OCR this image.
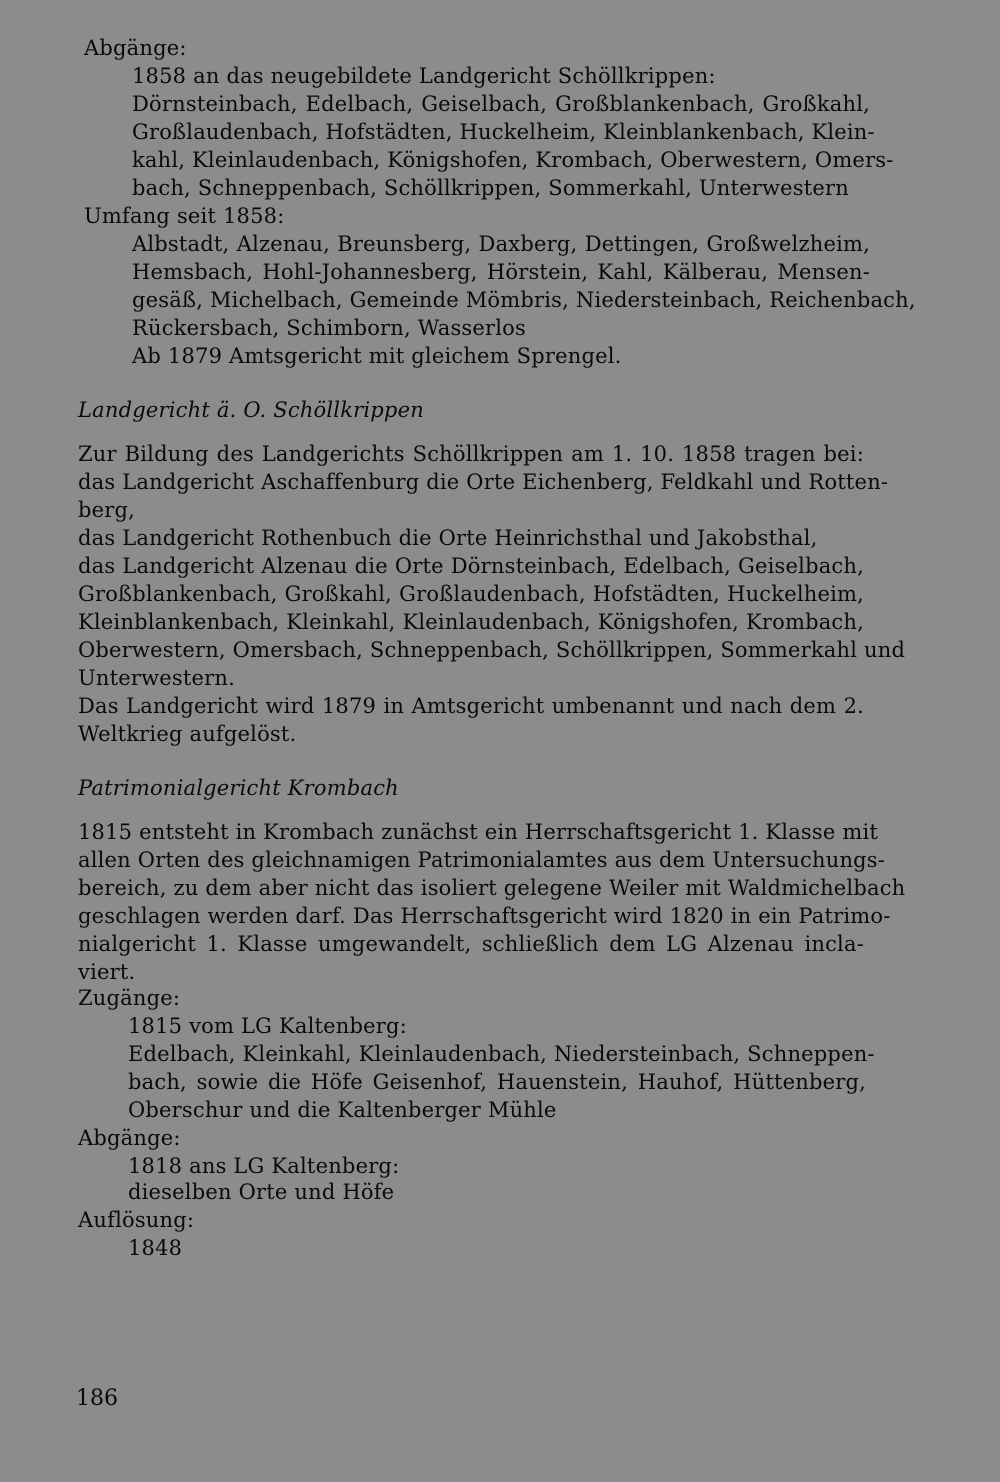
Abgänge:
1858 an das neugebildete Landgericht Schöllkrippen:
Dörnsteinbach, Edelbach, Geiselbach, Großblankenbach, Großkahl,
Großlaudenbach, Hofstädten, Huckelheim, Kleinblankenbach, Klein-
kahl, Kleinlaudenbach, Königshofen, Krombach, Oberwestern, Omers-
bach, Schneppenbach, Schöllkrippen, Sommerkahl, Unterwestern
Umfang seit 1858:
Albstadt, Alzenau, Breunsberg, Daxberg, Dettingen, Großwelzheim,
Hemsbach, Hohl-Johannesberg, Hörstein, Kahl, Kälberau, Mensen-
gesäß, Michelbach, Gemeinde Mömbris, Niedersteinbach, Reichenbach,
Rückersbach, Schimborn, Wasserlos
Ab 1879 Amtsgericht mit gleichem Sprengel.
Landgericht ä. O. Schöllkrippen
Zur Bildung des Landgerichts Schöllkrippen am 1. 10. 1858 tragen bei:
das Landgericht Aschaffenburg die Orte Eichenberg, Feldkahl und Rotten-
berg,
das Landgericht Rothenbuch die Orte Heinrichsthal und Jakobsthal,
das Landgericht Alzenau die Orte Dörnsteinbach, Edelbach, Geiselbach,
Großblankenbach, Großkahl, Großlaudenbach, Hofstädten, Huckelheim,
Kleinblankenbach, Kleinkahl, Kleinlaudenbach, Königshofen, Krombach,
Oberwestern, Omersbach, Schneppenbach, Schöllkrippen, Sommerkahl und
Unterwestern.
Das Landgericht wird 1879 in Amtsgericht umbenannt und nach dem 2.
Weltkrieg aufgelöst.
Patrimonialgericht Krombach
1815 entsteht in Krombach zunächst ein Herrschaftsgericht 1. Klasse mit
allen Orten des gleichnamigen Patrimonialamtes aus dem Untersuchungs-
bereich, zu dem aber nicht das isoliert gelegene Weiler mit Waldmichelbach
geschlagen werden darf. Das Herrschaftsgericht wird 1820 in ein Patrimo-
nialgericht 1. Klasse umgewandelt, schließlich dem LG Alzenau incla-
viert.
Zugänge:
1815 vom LG Kaltenberg:
Edelbach, Kleinkahl, Kleinlaudenbach, Niedersteinbach, Schneppen-
bach, sowie die Höfe Geisenhof, Hauenstein, Hauhof, Hüttenberg,
Oberschur und die Kaltenberger Mühle
Abgänge:
1818 ans LG Kaltenberg:
dieselben Orte und Höfe
Auflösung:
1848
186
